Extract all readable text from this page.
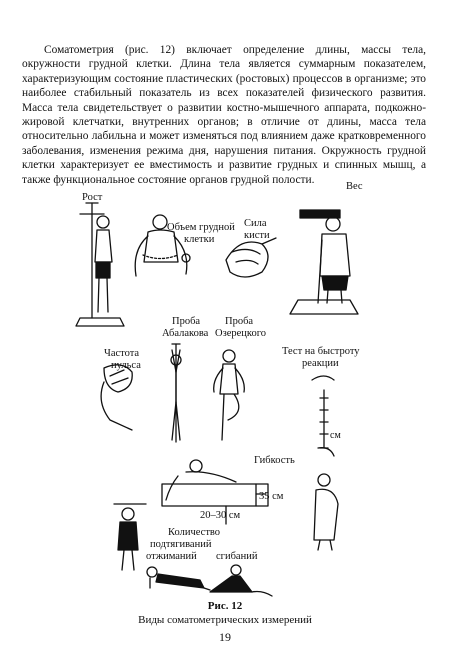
Соматометрия (рис. 12) включает определение длины, массы тела, окружности грудной клетки. Длина тела является суммарным показателем, характеризующим состояние пластических (ростовых) процессов в организме; это наиболее стабильный показатель из всех показателей физического развития. Масса тела свидетельствует о развитии костно-мышечного аппарата, подкожно-жировой клетчатки, внутренних органов; в отличие от длины, масса тела относительно лабильна и может изменяться под влиянием даже кратковременного заболевания, изменения режима дня, нарушения питания. Окружность грудной клетки характеризует ее вместимость и развитие грудных и спинных мышц, а также функциональное состояние органов грудной полости.

Рост
Объем грудной
клетки
Сила
кисти
Вес
Проба
Абалакова
Проба
Озерецкого
Частота
пульса
Тест на быстроту
реакции
см
Гибкость
35 см
20–30 см
Количество
подтягиваний
отжиманий сгибаний

Рис. 12

Виды соматометрических измерений

19
